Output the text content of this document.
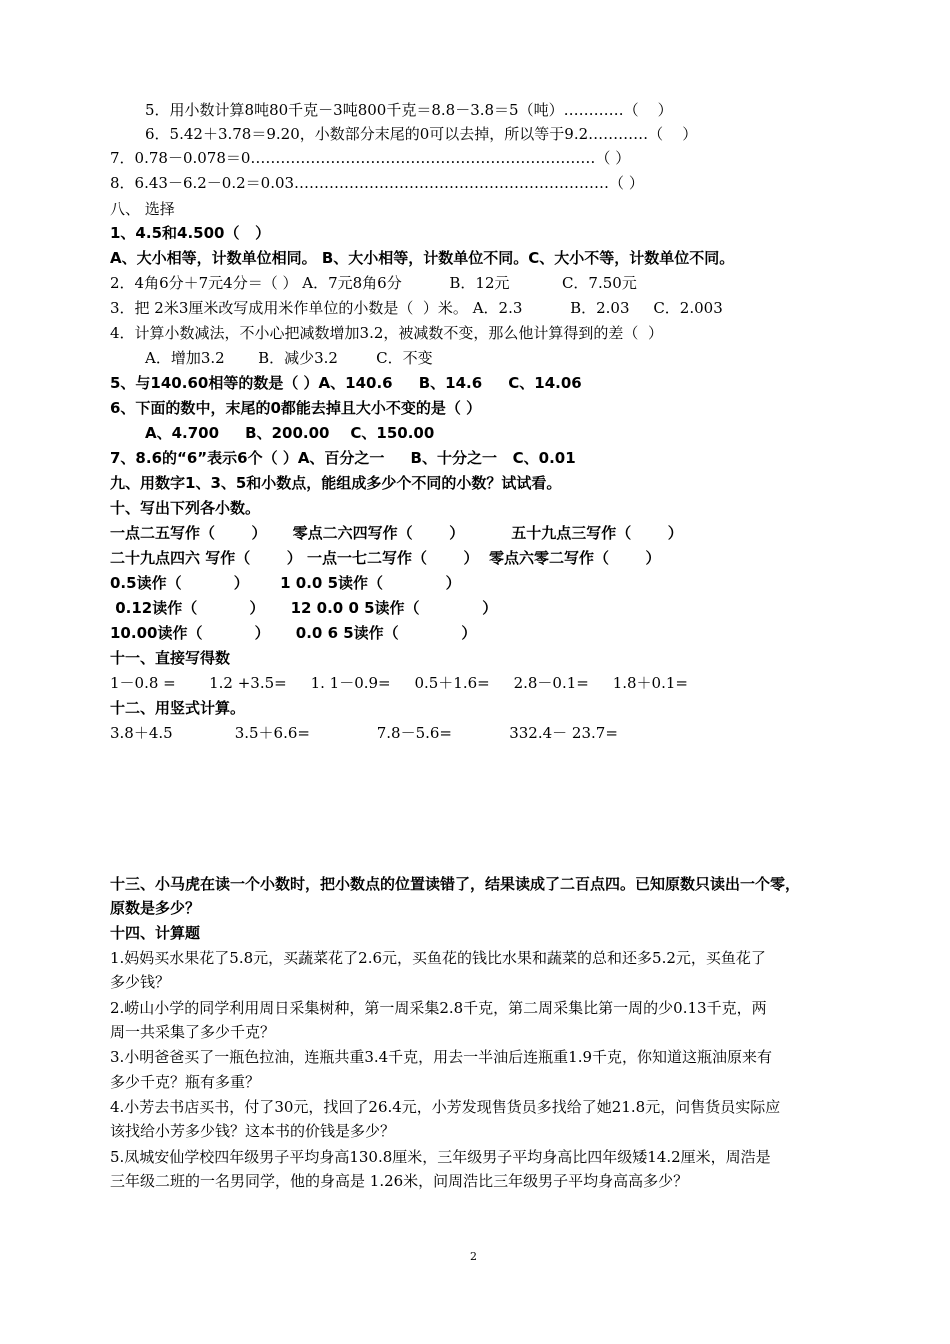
5．用小数计算8吨80千克－3吨800千克＝8.8－3.8＝5（吨）…………（    ）
6．5.42＋3.78＝9.20，小数部分末尾的0可以去掉，所以等于9.2…………（    ）
7．0.78－0.078＝0……………………………………………………………（ ）
8．6.43－6.2－0.2＝0.03………………………………………………………（ ）
八、 选择
1、4.5和4.500（   ）
A、大小相等，计数单位相同。 B、大小相等，计数单位不同。C、大小不等，计数单位不同。
2．4角6分＋7元4分＝（ ） A．7元8角6分          B．12元           C．7.50元
3．把 2米3厘米改写成用米作单位的小数是（  ）米。 A．2.3          B．2.03     C．2.003
4．计算小数减法，不小心把减数增加3.2，被减数不变，那么他计算得到的差（  ）
A．增加3.2       B．减少3.2        C．不变
5、与140.60相等的数是（ ）A、140.6     B、14.6     C、14.06
6、下面的数中，末尾的0都能去掉且大小不变的是（ ）
A、4.700     B、200.00    C、150.00
7、8.6的“6”表示6个（ ）A、百分之一     B、十分之一   C、0.01
九、用数字1、3、5和小数点，能组成多少个不同的小数？试试看。
十、写出下列各小数。
一点二五写作（       ）     零点二六四写作（       ）         五十九点三写作（       ）
二十九点四六 写作（       ） 一点一七二写作（       ）  零点六零二写作（       ）
0.5读作（          ）      1 0.0 5读作（            ）
0.12读作（          ）     12 0.0 0 5读作（            ）
10.00读作（          ）     0.0 6 5读作（            ）
十一、直接写得数
1－0.8 =       1.2 +3.5=     1. 1－0.9=     0.5＋1.6=     2.8－0.1=     1.8＋0.1=
十二、用竖式计算。
3.8＋4.5             3.5＋6.6=              7.8－5.6=            332.4－ 23.7=
十三、小马虎在读一个小数时，把小数点的位置读错了，结果读成了二百点四。已知原数只读出一个零，
原数是多少？
十四、计算题
1.妈妈买水果花了5.8元，买蔬菜花了2.6元，买鱼花的钱比水果和蔬菜的总和还多5.2元，买鱼花了
多少钱？
2.崂山小学的同学利用周日采集树种，第一周采集2.8千克，第二周采集比第一周的少0.13千克，两
周一共采集了多少千克？
3.小明爸爸买了一瓶色拉油，连瓶共重3.4千克，用去一半油后连瓶重1.9千克，你知道这瓶油原来有
多少千克？瓶有多重？
4.小芳去书店买书，付了30元，找回了26.4元，小芳发现售货员多找给了她21.8元，问售货员实际应
该找给小芳多少钱？这本书的价钱是多少？
5.凤城安仙学校四年级男子平均身高130.8厘米，三年级男子平均身高比四年级矮14.2厘米，周浩是
三年级二班的一名男同学，他的身高是 1.26米，问周浩比三年级男子平均身高高多少？
2
